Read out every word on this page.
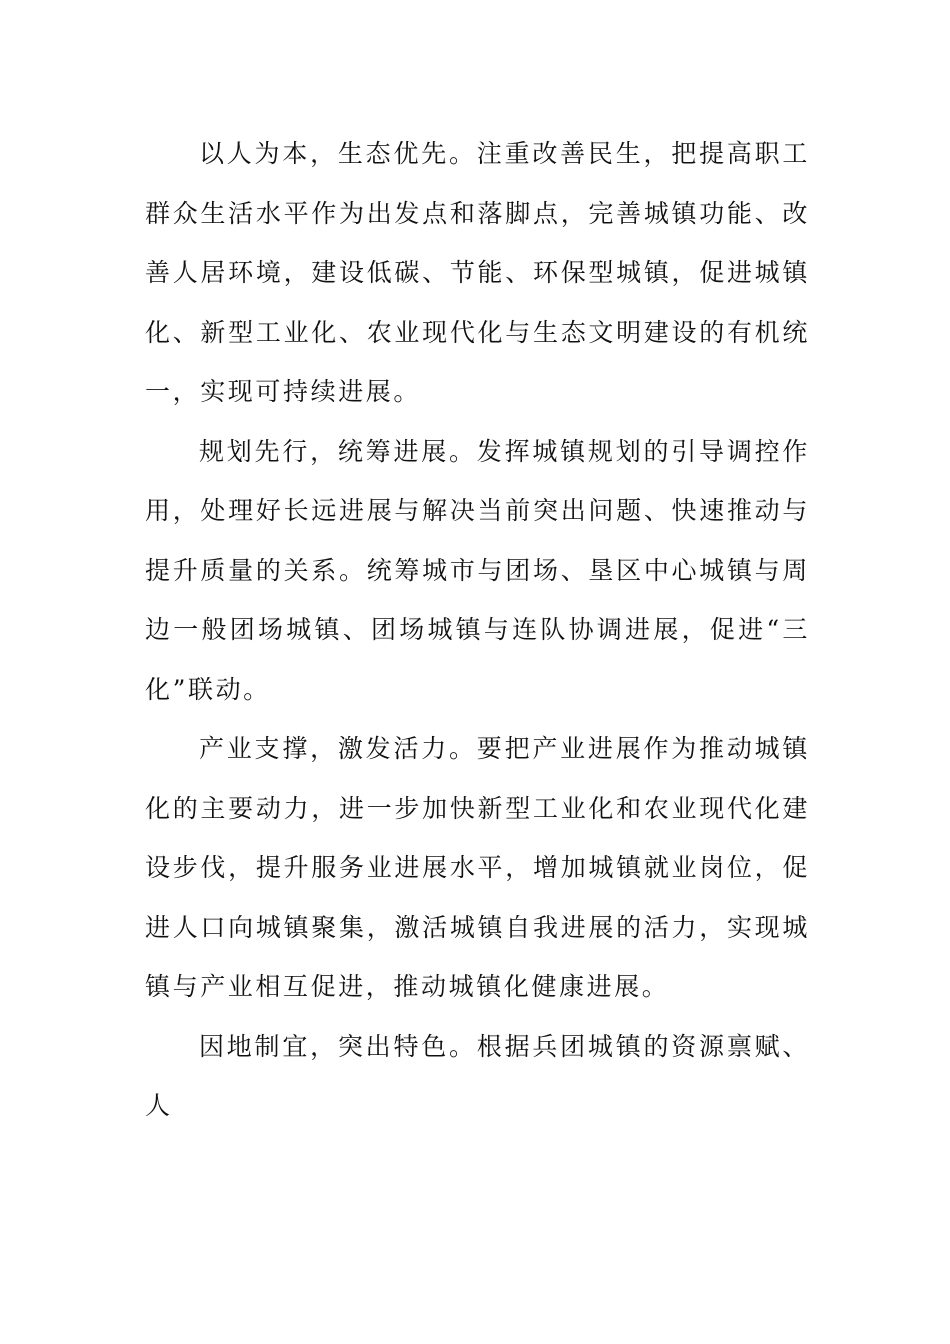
以人为本，生态优先。注重改善民生，把提高职工群众生活水平作为出发点和落脚点，完善城镇功能、改善人居环境，建设低碳、节能、环保型城镇，促进城镇化、新型工业化、农业现代化与生态文明建设的有机统一，实现可持续进展。

规划先行，统筹进展。发挥城镇规划的引导调控作用，处理好长远进展与解决当前突出问题、快速推动与提升质量的关系。统筹城市与团场、垦区中心城镇与周边一般团场城镇、团场城镇与连队协调进展，促进“三化”联动。

产业支撑，激发活力。要把产业进展作为推动城镇化的主要动力，进一步加快新型工业化和农业现代化建设步伐，提升服务业进展水平，增加城镇就业岗位，促进人口向城镇聚集，激活城镇自我进展的活力，实现城镇与产业相互促进，推动城镇化健康进展。

因地制宜，突出特色。根据兵团城镇的资源禀赋、人
